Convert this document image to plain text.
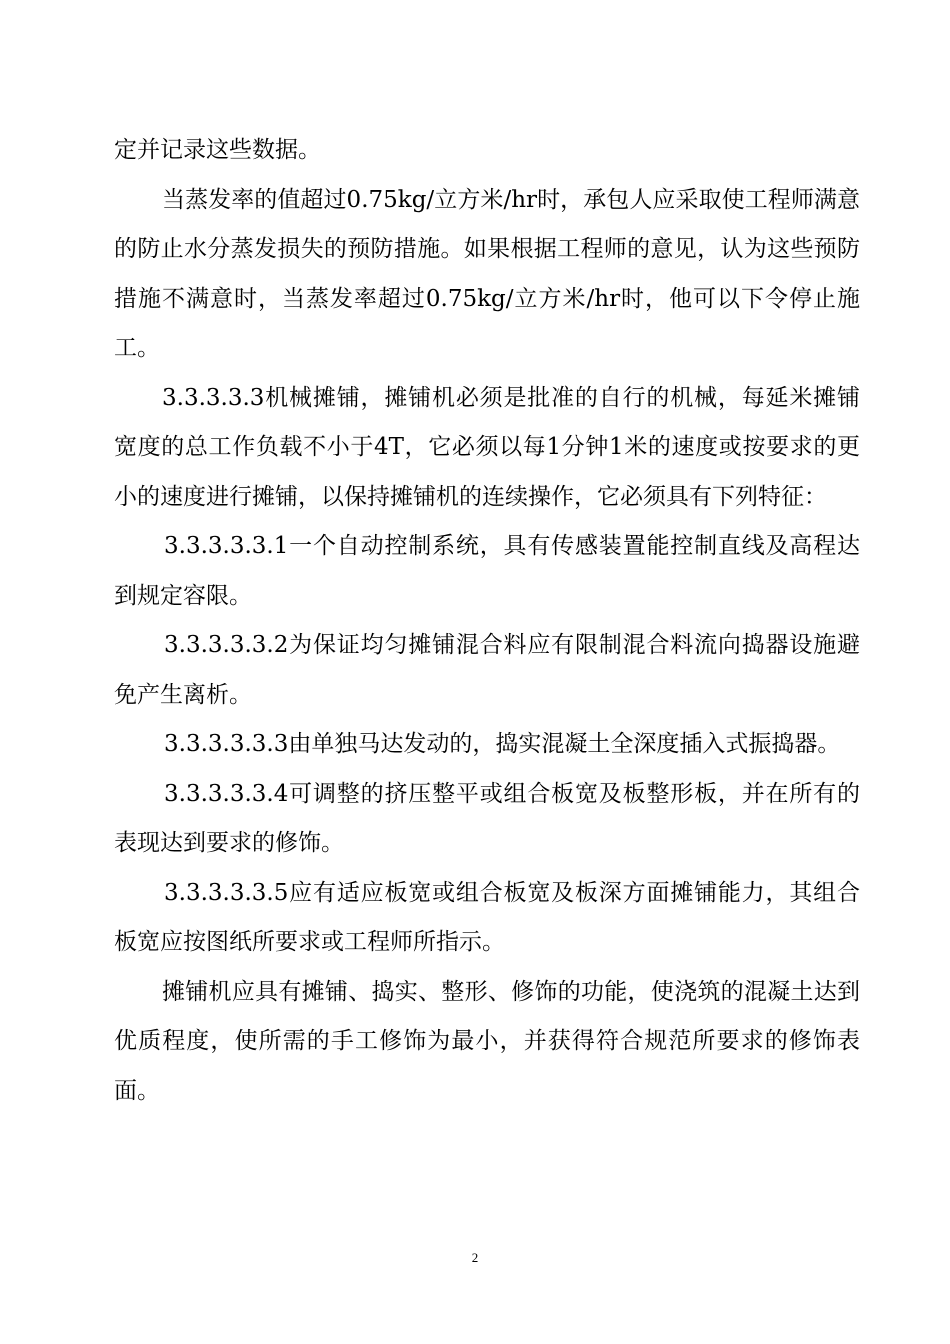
定并记录这些数据。

当蒸发率的值超过0.75kg/立方米/hr时，承包人应采取使工程师满意的防止水分蒸发损失的预防措施。如果根据工程师的意见，认为这些预防措施不满意时，当蒸发率超过0.75kg/立方米/hr时，他可以下令停止施工。

3.3.3.3.3机械摊铺，摊铺机必须是批准的自行的机械，每延米摊铺宽度的总工作负载不小于4T，它必须以每1分钟1米的速度或按要求的更小的速度进行摊铺，以保持摊铺机的连续操作，它必须具有下列特征：

3.3.3.3.3.1一个自动控制系统，具有传感装置能控制直线及高程达到规定容限。

3.3.3.3.3.2为保证均匀摊铺混合料应有限制混合料流向捣器设施避免产生离析。

3.3.3.3.3.3由单独马达发动的，捣实混凝土全深度插入式振捣器。

3.3.3.3.3.4可调整的挤压整平或组合板宽及板整形板，并在所有的表现达到要求的修饰。

3.3.3.3.3.5应有适应板宽或组合板宽及板深方面摊铺能力，其组合板宽应按图纸所要求或工程师所指示。

摊铺机应具有摊铺、捣实、整形、修饰的功能，使浇筑的混凝土达到优质程度，使所需的手工修饰为最小，并获得符合规范所要求的修饰表面。

2
